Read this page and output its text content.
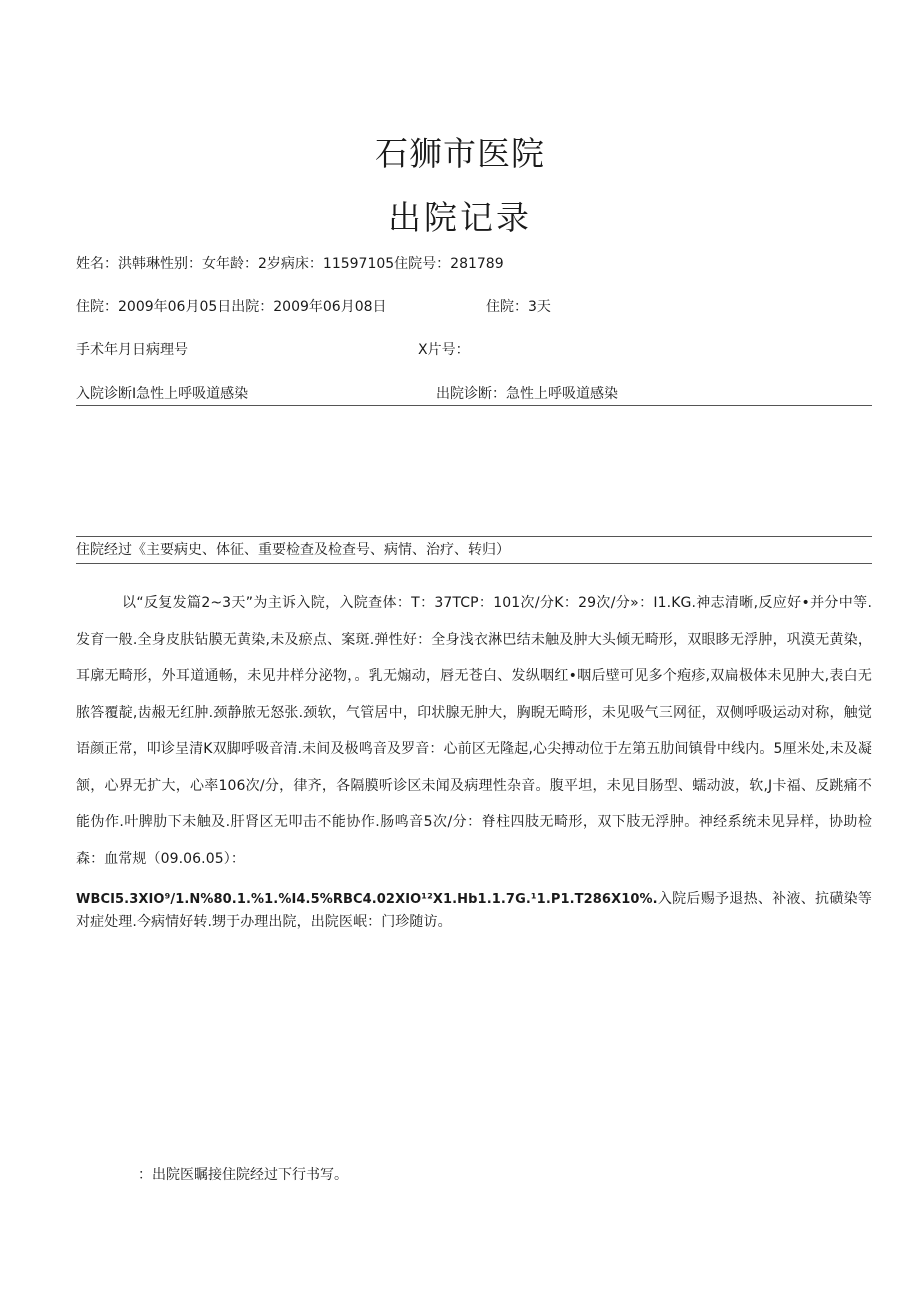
石狮市医院
出院记录
姓名：洪韩琳性别：女年龄：2岁病床：11597105住院号：281789
住院：2009年06月05日出院：2009年06月08日	住院：3天
手术年月日病理号	X片号：
入院诊断I急性上呼吸道感染	出院诊断：急性上呼吸道感染
住院经过《主要病史、体征、重要检查及检查号、病情、治疗、转归）
以“反复发篇2~3天”为主诉入院，入院查体：T：37TCP：101次/分K：29次/分»：I1.KG.神志清晰,反应好•并分中等.发育一般.全身皮肤钻膜无黄染,未及瘀点、案斑.弹性好：全身浅衣淋巴结未触及肿大头倾无畸形，双眼眵无浮肿，巩漠无黄染，耳廓无畸形，外耳道通畅，未见井样分泌物，。乳无煽动，唇无苍白、发纵咽红•咽后壁可见多个疱疹,双扁极体未见肿大,表白无脓答覆靛,齿赧无红肿.颈静脓无怒张.颈软，气管居中，印状腺无肿大，胸睨无畸形，未见吸气三网征，双侧呼吸运动对称，触觉语颜正常，叩诊呈清K双脚呼吸音清.未间及极鸣音及罗音：心前区无隆起,心尖搏动位于左第五肋间镇骨中线内。5厘米处,未及凝颔，心界无扩大，心率106次/分，律齐，各隔膜听诊区未闻及病理性杂音。腹平坦，未见目肠型、蠕动波，软,J卡福、反跳痛不能伪作.叶脾肋下未触及.肝肾区无叩击不能协作.肠鸣音5次/分：脊柱四肢无畸形，双下肢无浮肿。神经系统未见异样，协助检森：血常规（09.06.05）：
WBCI5.3XIO⁹/1.N%80.1.%1.%I4.5%RBC4.02XIO¹²X1.Hb1.1.7G.¹1.P1.T286X10%.入院后赐予退热、补液、抗磺染等对症处理.今病情好转.甥于办理出院，出院医岷：门珍随访。
：出院医瞩接住院经过下行书写。
